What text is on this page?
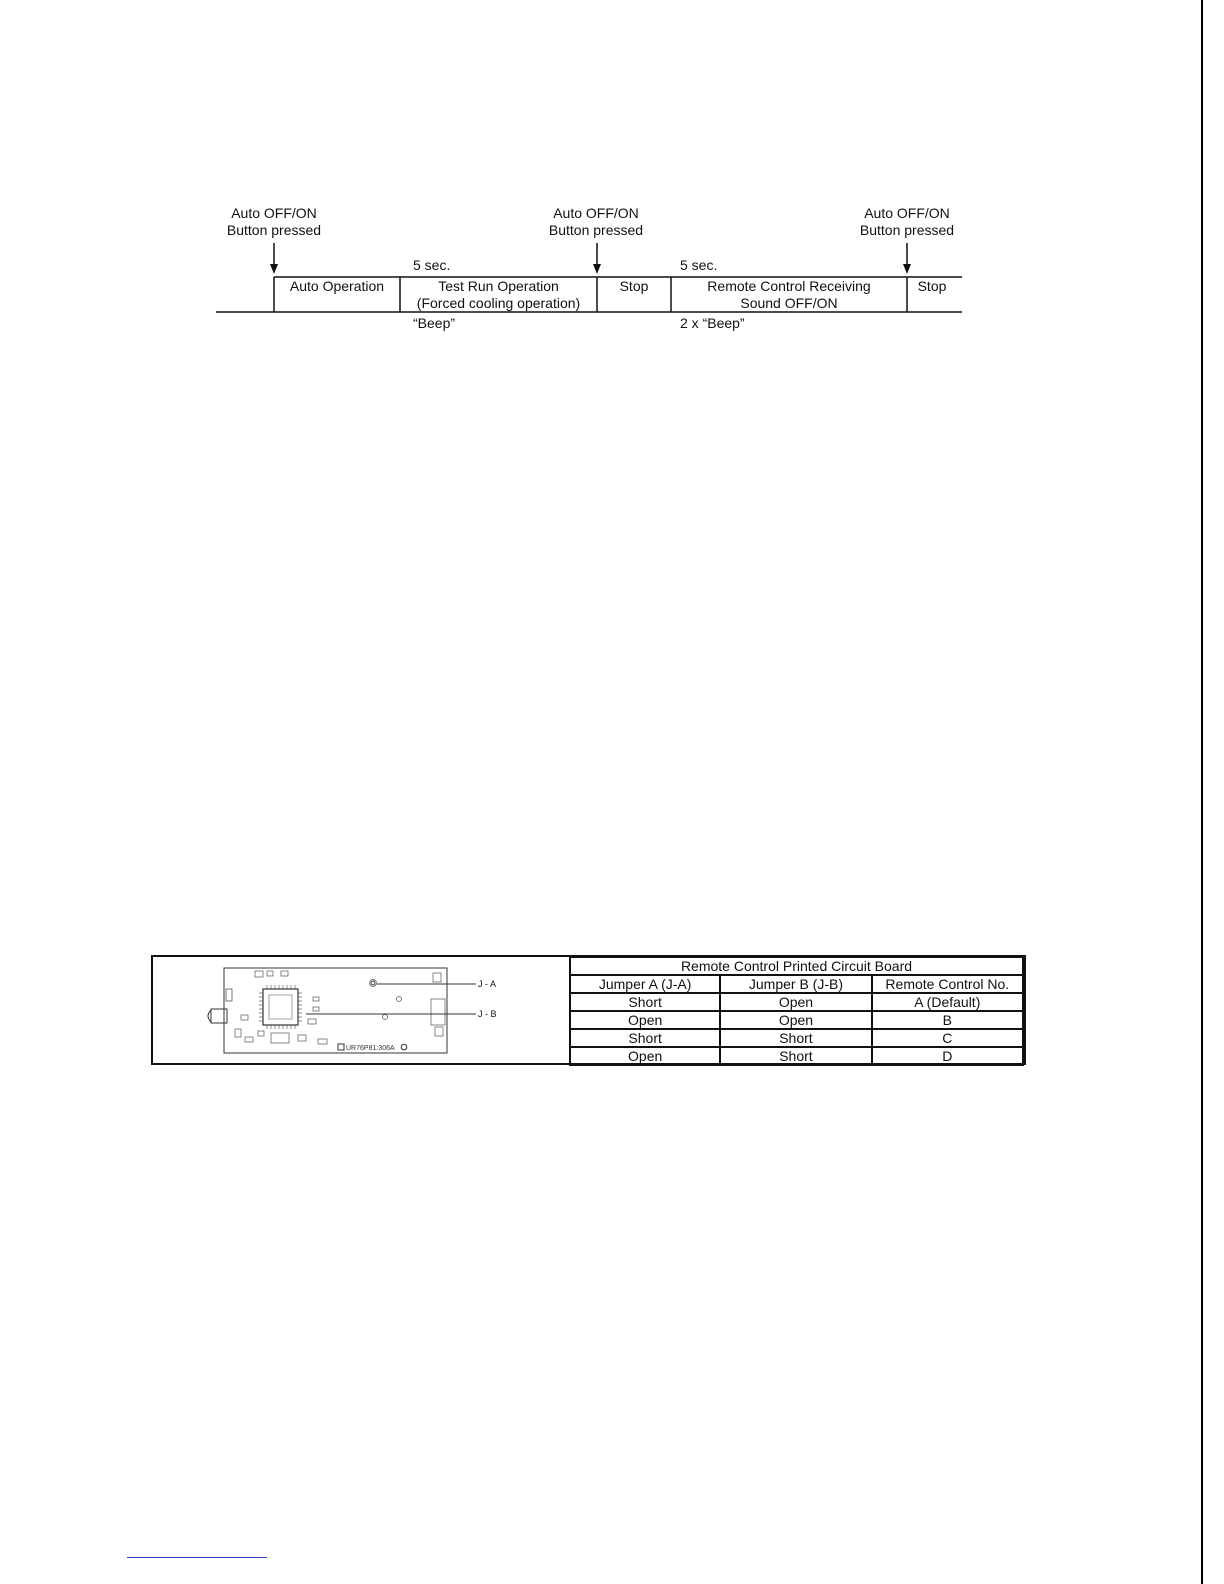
Auto OFF/ON
Button pressed
Auto OFF/ON
Button pressed
Auto OFF/ON
Button pressed
5 sec.	5 sec.
Auto Operation	Test Run Operation
(Forced cooling operation)
Stop	Remote Control Receiving
Sound OFF/ON
Stop
“Beep”	2 x “Beep”
J - A
J - B
UR76P81:306A
Remote Control Printed Circuit Board		
Jumper A (J-A)	Jumper B (J-B)	Remote Control No.
Short	Open	A (Default)
Open	Open	B
Short	Short	C
Open	Short	D
